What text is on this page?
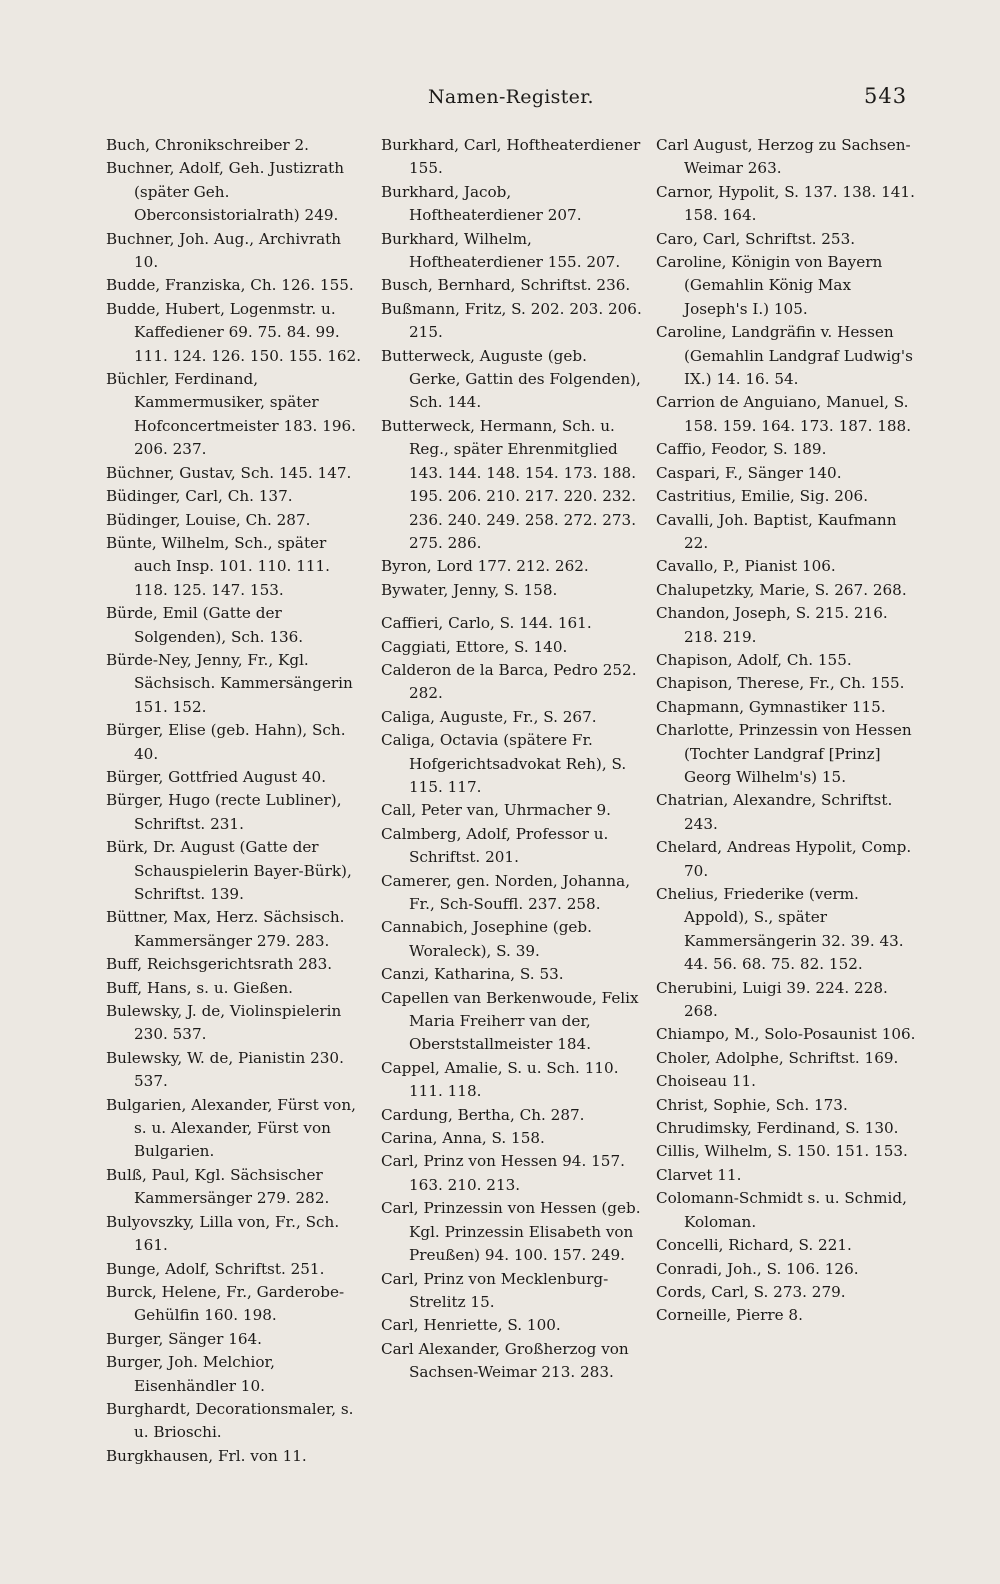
Namen-Register.	543
Buch, Chronikschreiber 2.
Buchner, Adolf, Geh. Justizrath (später Geh. Oberconsistorialrath) 249.
Buchner, Joh. Aug., Archivrath 10.
Budde, Franziska, Ch. 126. 155.
Budde, Hubert, Logenmstr. u. Kaffediener 69. 75. 84. 99. 111. 124. 126. 150. 155. 162.
Büchler, Ferdinand, Kammermusiker, später Hofconcertmeister 183. 196. 206. 237.
Büchner, Gustav, Sch. 145. 147.
Büdinger, Carl, Ch. 137.
Büdinger, Louise, Ch. 287.
Bünte, Wilhelm, Sch., später auch Insp. 101. 110. 111. 118. 125. 147. 153.
Bürde, Emil (Gatte der Solgenden), Sch. 136.
Bürde-Ney, Jenny, Fr., Kgl. Sächsisch. Kammersängerin 151. 152.
Bürger, Elise (geb. Hahn), Sch. 40.
Bürger, Gottfried August 40.
Bürger, Hugo (recte Lubliner), Schriftst. 231.
Bürk, Dr. August (Gatte der Schauspielerin Bayer-Bürk), Schriftst. 139.
Büttner, Max, Herz. Sächsisch. Kammersänger 279. 283.
Buff, Reichsgerichtsrath 283.
Buff, Hans, s. u. Gießen.
Bulewsky, J. de, Violinspielerin 230. 537.
Bulewsky, W. de, Pianistin 230. 537.
Bulgarien, Alexander, Fürst von, s. u. Alexander, Fürst von Bulgarien.
Bulß, Paul, Kgl. Sächsischer Kammersänger 279. 282.
Bulyovszky, Lilla von, Fr., Sch. 161.
Bunge, Adolf, Schriftst. 251.
Burck, Helene, Fr., Garderobe-Gehülfin 160. 198.
Burger, Sänger 164.
Burger, Joh. Melchior, Eisenhändler 10.
Burghardt, Decorationsmaler, s. u. Brioschi.
Burgkhausen, Frl. von 11.
Burkhard, Carl, Hoftheaterdiener 155.
Burkhard, Jacob, Hoftheaterdiener 207.
Burkhard, Wilhelm, Hoftheaterdiener 155. 207.
Busch, Bernhard, Schriftst. 236.
Bußmann, Fritz, S. 202. 203. 206. 215.
Butterweck, Auguste (geb. Gerke, Gattin des Folgenden), Sch. 144.
Butterweck, Hermann, Sch. u. Reg., später Ehrenmitglied 143. 144. 148. 154. 173. 188. 195. 206. 210. 217. 220. 232. 236. 240. 249. 258. 272. 273. 275. 286.
Byron, Lord 177. 212. 262.
Bywater, Jenny, S. 158.
Caffieri, Carlo, S. 144. 161.
Caggiati, Ettore, S. 140.
Calderon de la Barca, Pedro 252. 282.
Caliga, Auguste, Fr., S. 267.
Caliga, Octavia (spätere Fr. Hofgerichtsadvokat Reh), S. 115. 117.
Call, Peter van, Uhrmacher 9.
Calmberg, Adolf, Professor u. Schriftst. 201.
Camerer, gen. Norden, Johanna, Fr., Sch-Souffl. 237. 258.
Cannabich, Josephine (geb. Woraleck), S. 39.
Canzi, Katharina, S. 53.
Capellen van Berkenwoude, Felix Maria Freiherr van der, Oberststallmeister 184.
Cappel, Amalie, S. u. Sch. 110. 111. 118.
Cardung, Bertha, Ch. 287.
Carina, Anna, S. 158.
Carl, Prinz von Hessen 94. 157. 163. 210. 213.
Carl, Prinzessin von Hessen (geb. Kgl. Prinzessin Elisabeth von Preußen) 94. 100. 157. 249.
Carl, Prinz von Mecklenburg-Strelitz 15.
Carl, Henriette, S. 100.
Carl Alexander, Großherzog von Sachsen-Weimar 213. 283.
Carl August, Herzog zu Sachsen-Weimar 263.
Carnor, Hypolit, S. 137. 138. 141. 158. 164.
Caro, Carl, Schriftst. 253.
Caroline, Königin von Bayern (Gemahlin König Max Joseph's I.) 105.
Caroline, Landgräfin v. Hessen (Gemahlin Landgraf Ludwig's IX.) 14. 16. 54.
Carrion de Anguiano, Manuel, S. 158. 159. 164. 173. 187. 188.
Caffio, Feodor, S. 189.
Caspari, F., Sänger 140.
Castritius, Emilie, Sig. 206.
Cavalli, Joh. Baptist, Kaufmann 22.
Cavallo, P., Pianist 106.
Chalupetzky, Marie, S. 267. 268.
Chandon, Joseph, S. 215. 216. 218. 219.
Chapison, Adolf, Ch. 155.
Chapison, Therese, Fr., Ch. 155.
Chapmann, Gymnastiker 115.
Charlotte, Prinzessin von Hessen (Tochter Landgraf [Prinz] Georg Wilhelm's) 15.
Chatrian, Alexandre, Schriftst. 243.
Chelard, Andreas Hypolit, Comp. 70.
Chelius, Friederike (verm. Appold), S., später Kammersängerin 32. 39. 43. 44. 56. 68. 75. 82. 152.
Cherubini, Luigi 39. 224. 228. 268.
Chiampo, M., Solo-Posaunist 106.
Choler, Adolphe, Schriftst. 169.
Choiseau 11.
Christ, Sophie, Sch. 173.
Chrudimsky, Ferdinand, S. 130.
Cillis, Wilhelm, S. 150. 151. 153.
Clarvet 11.
Colomann-Schmidt s. u. Schmid, Koloman.
Concelli, Richard, S. 221.
Conradi, Joh., S. 106. 126.
Cords, Carl, S. 273. 279.
Corneille, Pierre 8.
